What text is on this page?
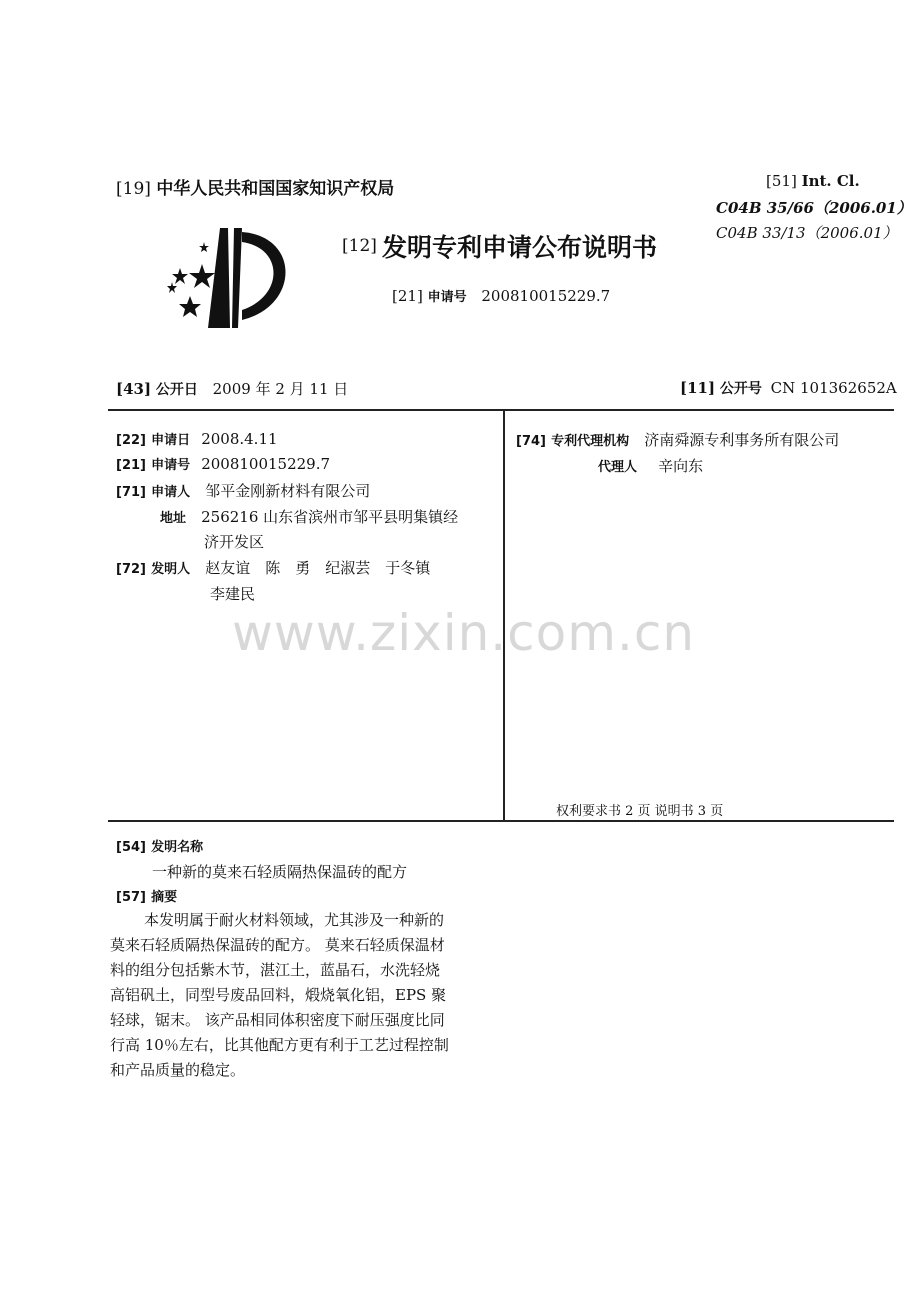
[19] 中华人民共和国国家知识产权局	[51] Int. Cl.
C04B 35/66（2006.01）
C04B 33/13（2006.01）
[12] 发明专利申请公布说明书
[21] 申请号 200810015229.7
[43] 公开日 2009 年 2 月 11 日	[11] 公开号 CN 101362652A
[22] 申请日 2008.4.11
[21] 申请号 200810015229.7
[71] 申请人 邹平金刚新材料有限公司
地址 256216 山东省滨州市邹平县明集镇经
济开发区
[72] 发明人 赵友谊　陈　勇　纪淑芸　于冬镇
李建民
[74] 专利代理机构 济南舜源专利事务所有限公司
代理人 辛向东
权利要求书 2 页 说明书 3 页
www.zixin.com.cn
[54] 发明名称
一种新的莫来石轻质隔热保温砖的配方
[57] 摘要

本发明属于耐火材料领域，尤其涉及一种新的

莫来石轻质隔热保温砖的配方。 莫来石轻质保温材

料的组分包括紫木节，湛江土，蓝晶石，水洗轻烧

高铝矾土，同型号废品回料，煅烧氧化铝，EPS 聚

轻球，锯末。 该产品相同体积密度下耐压强度比同

行高 10％左右，比其他配方更有利于工艺过程控制

和产品质量的稳定。
